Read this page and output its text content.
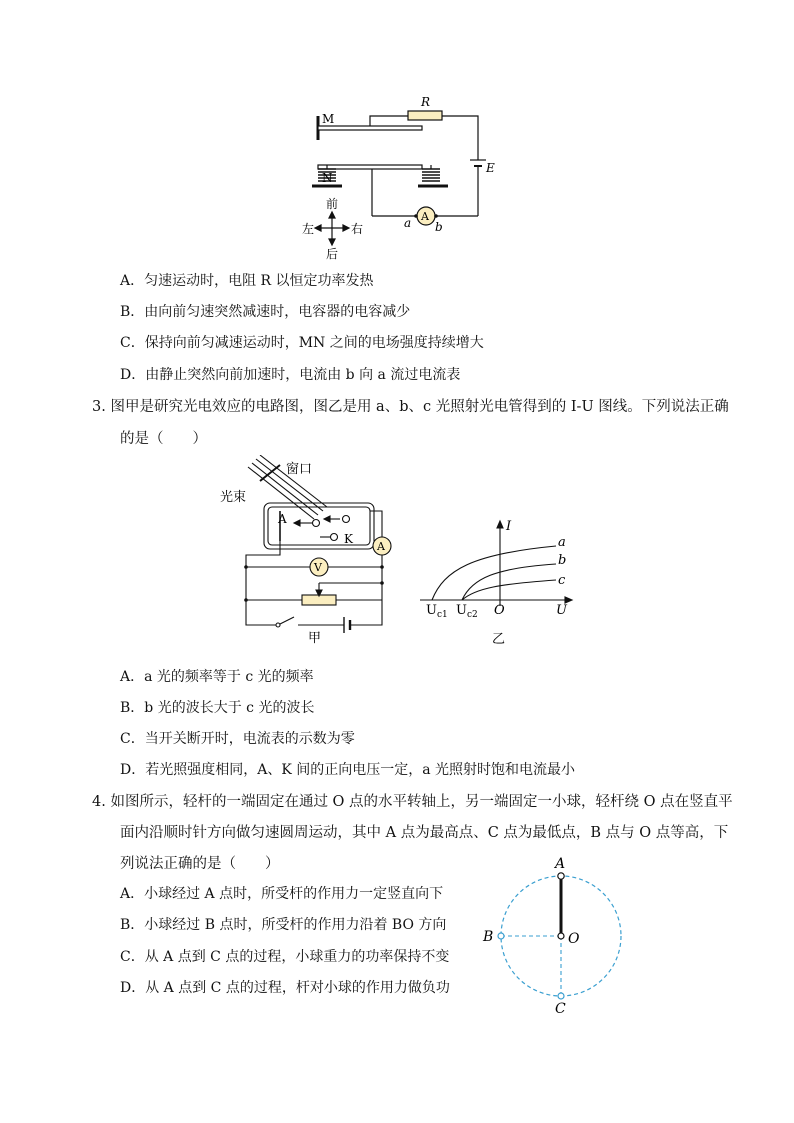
M
N
R
E
A
a b
前
后
左	右
A．匀速运动时，电阻 R 以恒定功率发热
B．由向前匀速突然减速时，电容器的电容减少
C．保持向前匀减速运动时，MN 之间的电场强度持续增大
D．由静止突然向前加速时，电流由 b 向 a 流过电流表
3. 图甲是研究光电效应的电路图，图乙是用 a、b、c 光照射光电管得到的 I-U 图线。下列说法正确
的是（　　）
窗口
光束
A
K
A
V
甲
I
U
O
$U_{c1}$ $U_{c2}$
a
b
c
乙
A．a 光的频率等于 c 光的频率
B．b 光的波长大于 c 光的波长
C．当开关断开时，电流表的示数为零
D．若光照强度相同，A、K 间的正向电压一定，a 光照射时饱和电流最小
4. 如图所示，轻杆的一端固定在通过 O 点的水平转轴上，另一端固定一小球，轻杆绕 O 点在竖直平
面内沿顺时针方向做匀速圆周运动，其中 A 点为最高点、C 点为最低点，B 点与 O 点等高，下
列说法正确的是（　　）
A．小球经过 A 点时，所受杆的作用力一定竖直向下
B．小球经过 B 点时，所受杆的作用力沿着 BO 方向
C．从 A 点到 C 点的过程，小球重力的功率保持不变
D．从 A 点到 C 点的过程，杆对小球的作用力做负功
A
B
C
O
